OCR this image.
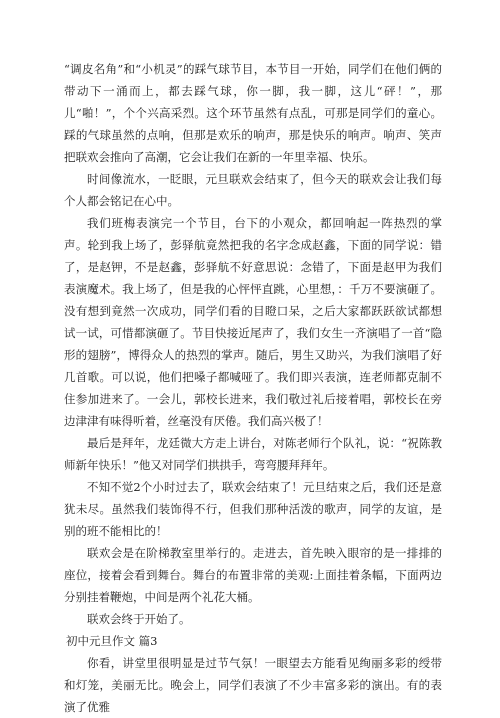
“调皮名角”和“小机灵”的踩气球节目，本节目一开始，同学们在他们俩的带动下一涌而上，都去踩气球，你一脚，我一脚，这儿“砰！”，那儿“啪！”，个个兴高采烈。这个环节虽然有点乱，可那是同学们的童心。踩的气球虽然的点响，但那是欢乐的响声，那是快乐的响声。响声、笑声把联欢会推向了高潮，它会让我们在新的一年里幸福、快乐。

时间像流水，一眨眼，元旦联欢会结束了，但今天的联欢会让我们每个人都会铭记在心中。

我们班梅表演完一个节目，台下的小观众，都回响起一阵热烈的掌声。轮到我上场了，彭驿航竟然把我的名字念成赵鑫，下面的同学说：错了，是赵钾，不是赵鑫，彭驿航不好意思说：念错了，下面是赵甲为我们表演魔术。我上场了，但是我的心怦怦直跳，心里想，：千万不要演砸了。没有想到竟然一次成功，同学们看的目瞪口呆，之后大家都跃跃欲试都想试一试，可惜都演砸了。节目快接近尾声了，我们女生一齐演唱了一首“隐形的翅膀”，博得众人的热烈的掌声。随后，男生又助兴，为我们演唱了好几首歌。可以说，他们把嗓子都喊哑了。我们即兴表演，连老师都克制不住参加进来了。一会儿，郭校长进来，我们敬过礼后接着唱，郭校长在旁边津津有味得听着，丝毫没有厌倦。我们高兴极了！

最后是拜年，龙廷微大方走上讲台，对陈老师行个队礼，说：“祝陈教师新年快乐！”他又对同学们拱拱手，弯弯腰拜拜年。

不知不觉2个小时过去了，联欢会结束了！元旦结束之后，我们还是意犹未尽。虽然我们装饰得不行，但我们那种活泼的歌声，同学的友谊，是别的班不能相比的！

联欢会是在阶梯教室里举行的。走进去，首先映入眼帘的是一排排的座位，接着会看到舞台。舞台的布置非常的美观:上面挂着条幅，下面两边分别挂着鞭炮，中间是两个礼花大桶。

联欢会终于开始了。

初中元旦作文 篇3

你看，讲堂里很明显是过节气氛！一眼望去方能看见绚丽多彩的绶带和灯笼，美丽无比。晚会上，同学们表演了不少丰富多彩的演出。有的表演了优雅
